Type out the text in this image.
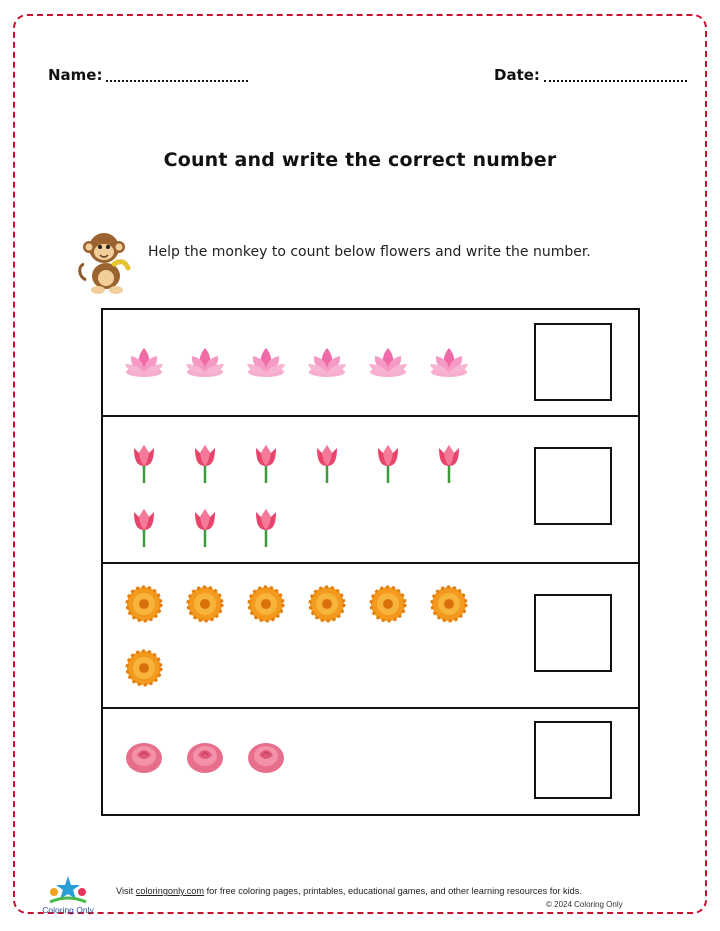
Name:	Date:
Count and write the correct number
Help the monkey to count below flowers and write the number.
Coloring Only
Visit coloringonly.com for free coloring pages, printables, educational games, and other learning resources for kids.
© 2024 Coloring Only
